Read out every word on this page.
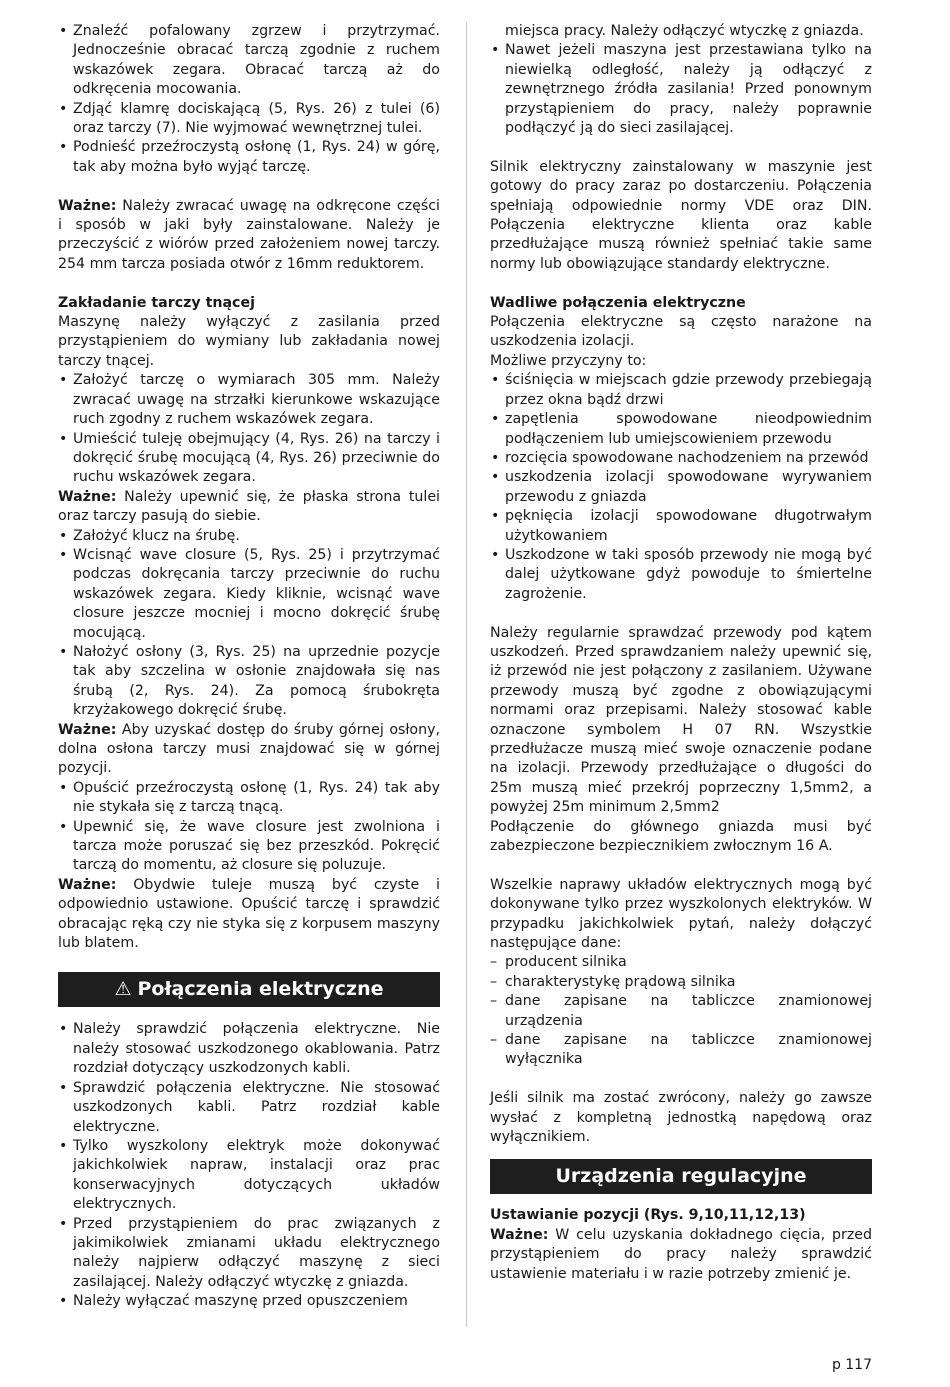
• Znaleźć pofalowany zgrzew i przytrzymać. Jednocześnie obracać tarczą zgodnie z ruchem wskazówek zegara. Obracać tarczą aż do odkręcenia mocowania.
• Zdjąć klamrę dociskającą (5, Rys. 26) z tulei (6) oraz tarczy (7). Nie wyjmować wewnętrznej tulei.
• Podnieść przeźroczystą osłonę (1, Rys. 24) w górę, tak aby można było wyjąć tarczę.

Ważne: Należy zwracać uwagę na odkręcone części i sposób w jaki były zainstalowane. Należy je przeczyścić z wiórów przed założeniem nowej tarczy. 254 mm tarcza posiada otwór z 16mm reduktorem.

Zakładanie tarczy tnącej

Maszynę należy wyłączyć z zasilania przed przystąpieniem do wymiany lub zakładania nowej tarczy tnącej.

• Założyć tarczę o wymiarach 305 mm. Należy zwracać uwagę na strzałki kierunkowe wskazujące ruch zgodny z ruchem wskazówek zegara.
• Umieścić tuleję obejmujący (4, Rys. 26) na tarczy i dokręcić śrubę mocującą (4, Rys. 26) przeciwnie do ruchu wskazówek zegara.

Ważne: Należy upewnić się, że płaska strona tulei oraz tarczy pasują do siebie.

• Założyć klucz na śrubę.
• Wcisnąć wave closure (5, Rys. 25) i przytrzymać podczas dokręcania tarczy przeciwnie do ruchu wskazówek zegara. Kiedy kliknie, wcisnąć wave closure jeszcze mocniej i mocno dokręcić śrubę mocującą.
• Nałożyć osłony (3, Rys. 25) na uprzednie pozycje tak aby szczelina w osłonie znajdowała się nas śrubą (2, Rys. 24). Za pomocą śrubokręta krzyżakowego dokręcić śrubę.

Ważne: Aby uzyskać dostęp do śruby górnej osłony, dolna osłona tarczy musi znajdować się w górnej pozycji.

• Opuścić przeźroczystą osłonę (1, Rys. 24) tak aby nie stykała się z tarczą tnącą.
• Upewnić się, że wave closure jest zwolniona i tarcza może poruszać się bez przeszkód. Pokręcić tarczą do momentu, aż closure się poluzuje.

Ważne: Obydwie tuleje muszą być czyste i odpowiednio ustawione. Opuścić tarczę i sprawdzić obracając ręką czy nie styka się z korpusem maszyny lub blatem.

⚠ Połączenia elektryczne
• Należy sprawdzić połączenia elektryczne. Nie należy stosować uszkodzonego okablowania. Patrz rozdział dotyczący uszkodzonych kabli.
• Sprawdzić połączenia elektryczne. Nie stosować uszkodzonych kabli. Patrz rozdział kable elektryczne.
• Tylko wyszkolony elektryk może dokonywać jakichkolwiek napraw, instalacji oraz prac konserwacyjnych dotyczących układów elektrycznych.
• Przed przystąpieniem do prac związanych z jakimikolwiek zmianami układu elektrycznego należy najpierw odłączyć maszynę z sieci zasilającej. Należy odłączyć wtyczkę z gniazda.
• Należy wyłączać maszynę przed opuszczeniem

miejsca pracy. Należy odłączyć wtyczkę z gniazda.

• Nawet jeżeli maszyna jest przestawiana tylko na niewielką odległość, należy ją odłączyć z zewnętrznego źródła zasilania! Przed ponownym przystąpieniem do pracy, należy poprawnie podłączyć ją do sieci zasilającej.

Silnik elektryczny zainstalowany w maszynie jest gotowy do pracy zaraz po dostarczeniu. Połączenia spełniają odpowiednie normy VDE oraz DIN. Połączenia elektryczne klienta oraz kable przedłużające muszą również spełniać takie same normy lub obowiązujące standardy elektryczne.

Wadliwe połączenia elektryczne

Połączenia elektryczne są często narażone na uszkodzenia izolacji.

Możliwe przyczyny to:

• ściśnięcia w miejscach gdzie przewody przebiegają przez okna bądź drzwi
• zapętlenia spowodowane nieodpowiednim podłączeniem lub umiejscowieniem przewodu
• rozcięcia spowodowane nachodzeniem na przewód
• uszkodzenia izolacji spowodowane wyrywaniem przewodu z gniazda
• pęknięcia izolacji spowodowane długotrwałym użytkowaniem
• Uszkodzone w taki sposób przewody nie mogą być dalej użytkowane gdyż powoduje to śmiertelne zagrożenie.

Należy regularnie sprawdzać przewody pod kątem uszkodzeń. Przed sprawdzaniem należy upewnić się, iż przewód nie jest połączony z zasilaniem. Używane przewody muszą być zgodne z obowiązującymi normami oraz przepisami. Należy stosować kable oznaczone symbolem H 07 RN. Wszystkie przedłużacze muszą mieć swoje oznaczenie podane na izolacji. Przewody przedłużające o długości do 25m muszą mieć przekrój poprzeczny 1,5mm2, a powyżej 25m minimum 2,5mm2

Podłączenie do głównego gniazda musi być zabezpieczone bezpiecznikiem zwłocznym 16 A.

Wszelkie naprawy układów elektrycznych mogą być dokonywane tylko przez wyszkolonych elektryków. W przypadku jakichkolwiek pytań, należy dołączyć następujące dane:

– producent silnika
– charakterystykę prądową silnika
– dane zapisane na tabliczce znamionowej urządzenia
– dane zapisane na tabliczce znamionowej wyłącznika

Jeśli silnik ma zostać zwrócony, należy go zawsze wysłać z kompletną jednostką napędową oraz wyłącznikiem.

Urządzenia regulacyjne

Ustawianie pozycji (Rys. 9,10,11,12,13)

Ważne: W celu uzyskania dokładnego cięcia, przed przystąpieniem do pracy należy sprawdzić ustawienie materiału i w razie potrzeby zmienić je.

p 117
